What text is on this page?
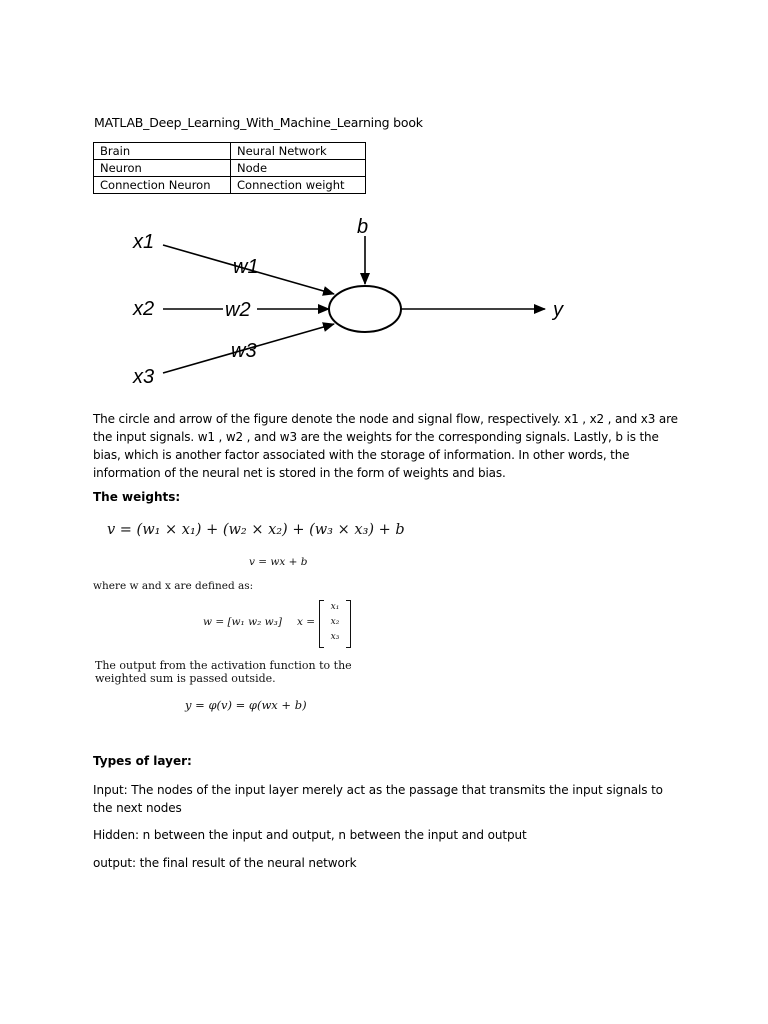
MATLAB_Deep_Learning_With_Machine_Learning book
Brain	Neural Network
Neuron	Node
Connection Neuron	Connection weight
x1
x2
x3
w1
w2
w3
b
y

The circle and arrow of the figure denote the node and signal flow, respectively. x1 , x2 , and x3 are the input signals. w1 , w2 , and w3 are the weights for the corresponding signals. Lastly, b is the bias, which is another factor associated with the storage of information. In other words, the information of the neural net is stored in the form of weights and bias.

The weights:

v = (w₁ × x₁) + (w₂ × x₂) + (w₃ × x₃) + b
v = wx + b
where w and x are defined as:
w = [w₁ w₂ w₃] x =
x₁
x₂
x₃
The output from the activation function to the weighted sum is passed outside.
y = φ(v) = φ(wx + b)

Types of layer:

Input: The nodes of the input layer merely act as the passage that transmits the input signals to the next nodes

Hidden: n between the input and output, n between the input and output

output: the final result of the neural network
